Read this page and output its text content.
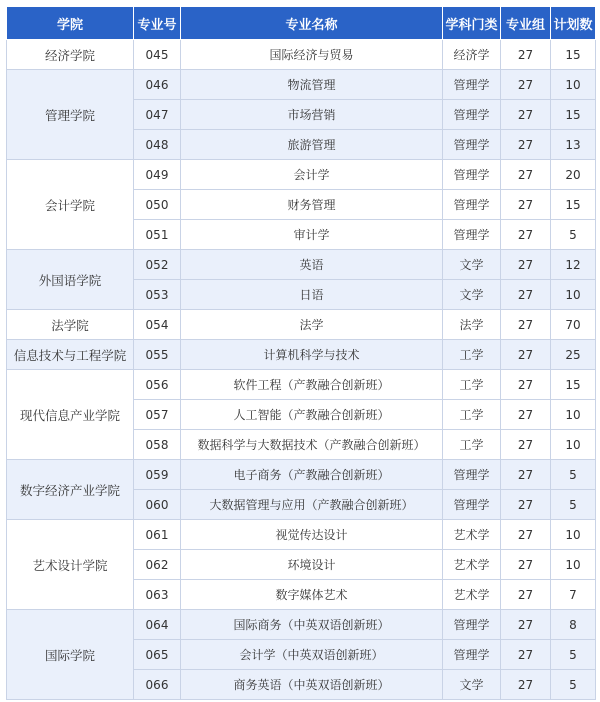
学院	专业号	专业名称	学科门类	专业组	计划数
经济学院	045	国际经济与贸易	经济学	27	15
管理学院	046	物流管理	管理学	27	10
	047	市场营销	管理学	27	15
	048	旅游管理	管理学	27	13
会计学院	049	会计学	管理学	27	20
	050	财务管理	管理学	27	15
	051	审计学	管理学	27	5
外国语学院	052	英语	文学	27	12
	053	日语	文学	27	10
法学院	054	法学	法学	27	70
信息技术与工程学院	055	计算机科学与技术	工学	27	25
现代信息产业学院	056	软件工程（产教融合创新班）	工学	27	15
	057	人工智能（产教融合创新班）	工学	27	10
	058	数据科学与大数据技术（产教融合创新班）	工学	27	10
数字经济产业学院	059	电子商务（产教融合创新班）	管理学	27	5
	060	大数据管理与应用（产教融合创新班）	管理学	27	5
艺术设计学院	061	视觉传达设计	艺术学	27	10
	062	环境设计	艺术学	27	10
	063	数字媒体艺术	艺术学	27	7
国际学院	064	国际商务（中英双语创新班）	管理学	27	8
	065	会计学（中英双语创新班）	管理学	27	5
	066	商务英语（中英双语创新班）	文学	27	5
